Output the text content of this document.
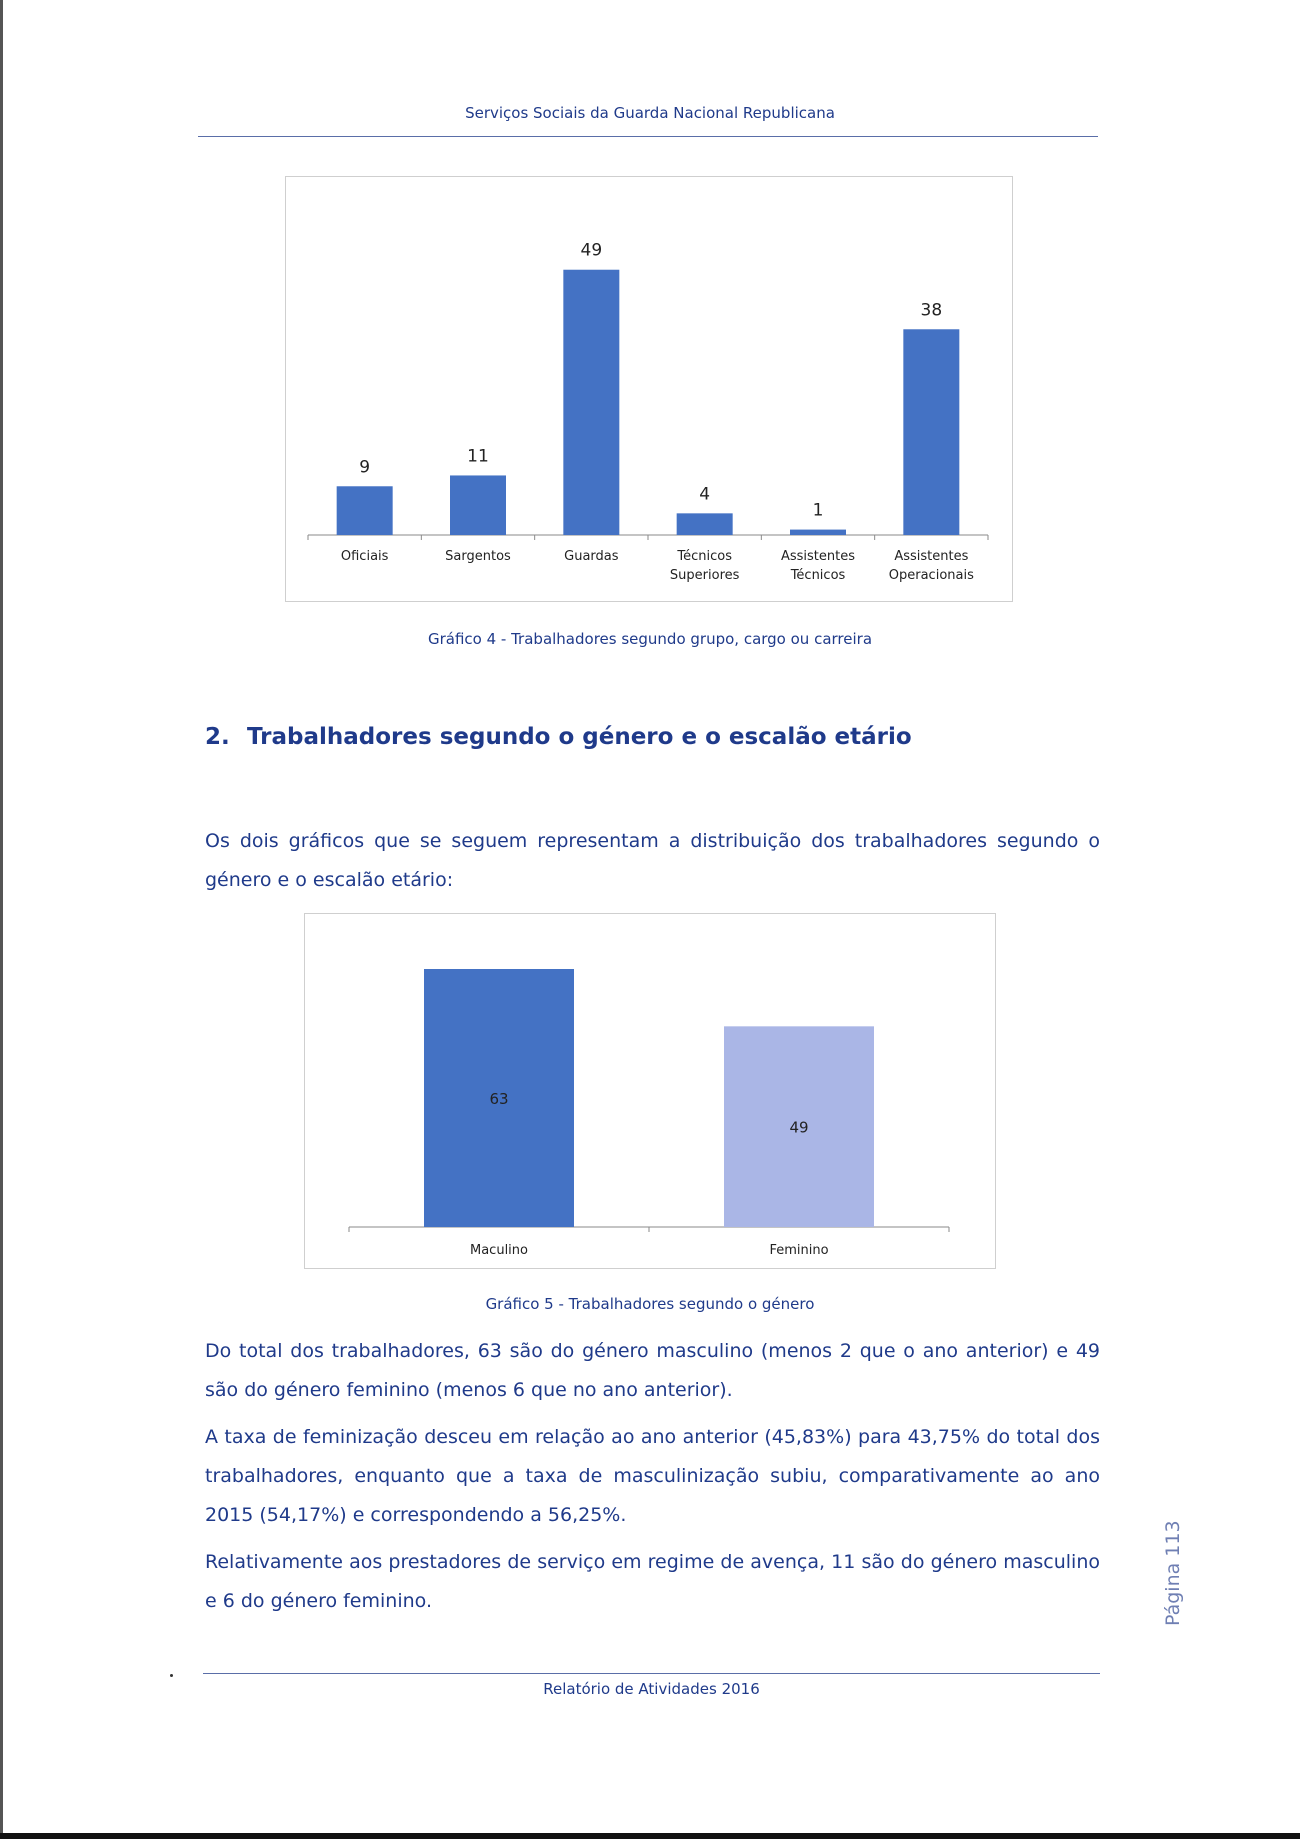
Serviços Sociais da Guarda Nacional Republicana
9
Oficiais
11
Sargentos
49
Guardas
4
Técnicos
Superiores
1
Assistentes
Técnicos
38
Assistentes
Operacionais
Gráfico 4 - Trabalhadores segundo grupo, cargo ou carreira
2. Trabalhadores segundo o género e o escalão etário
Os dois gráficos que se seguem representam a distribuição dos trabalhadores segundo o género e o escalão etário:
63
Maculino
49
Feminino
Gráfico 5 - Trabalhadores segundo o género
Do total dos trabalhadores, 63 são do género masculino (menos 2 que o ano anterior) e 49 são do género feminino (menos 6 que no ano anterior).
A taxa de feminização desceu em relação ao ano anterior (45,83%) para 43,75% do total dos trabalhadores, enquanto que a taxa de masculinização subiu, comparativamente ao ano 2015 (54,17%) e correspondendo a 56,25%.
Relativamente aos prestadores de serviço em regime de avença, 11 são do género masculino e 6 do género feminino.	Página 113
Relatório de Atividades 2016
